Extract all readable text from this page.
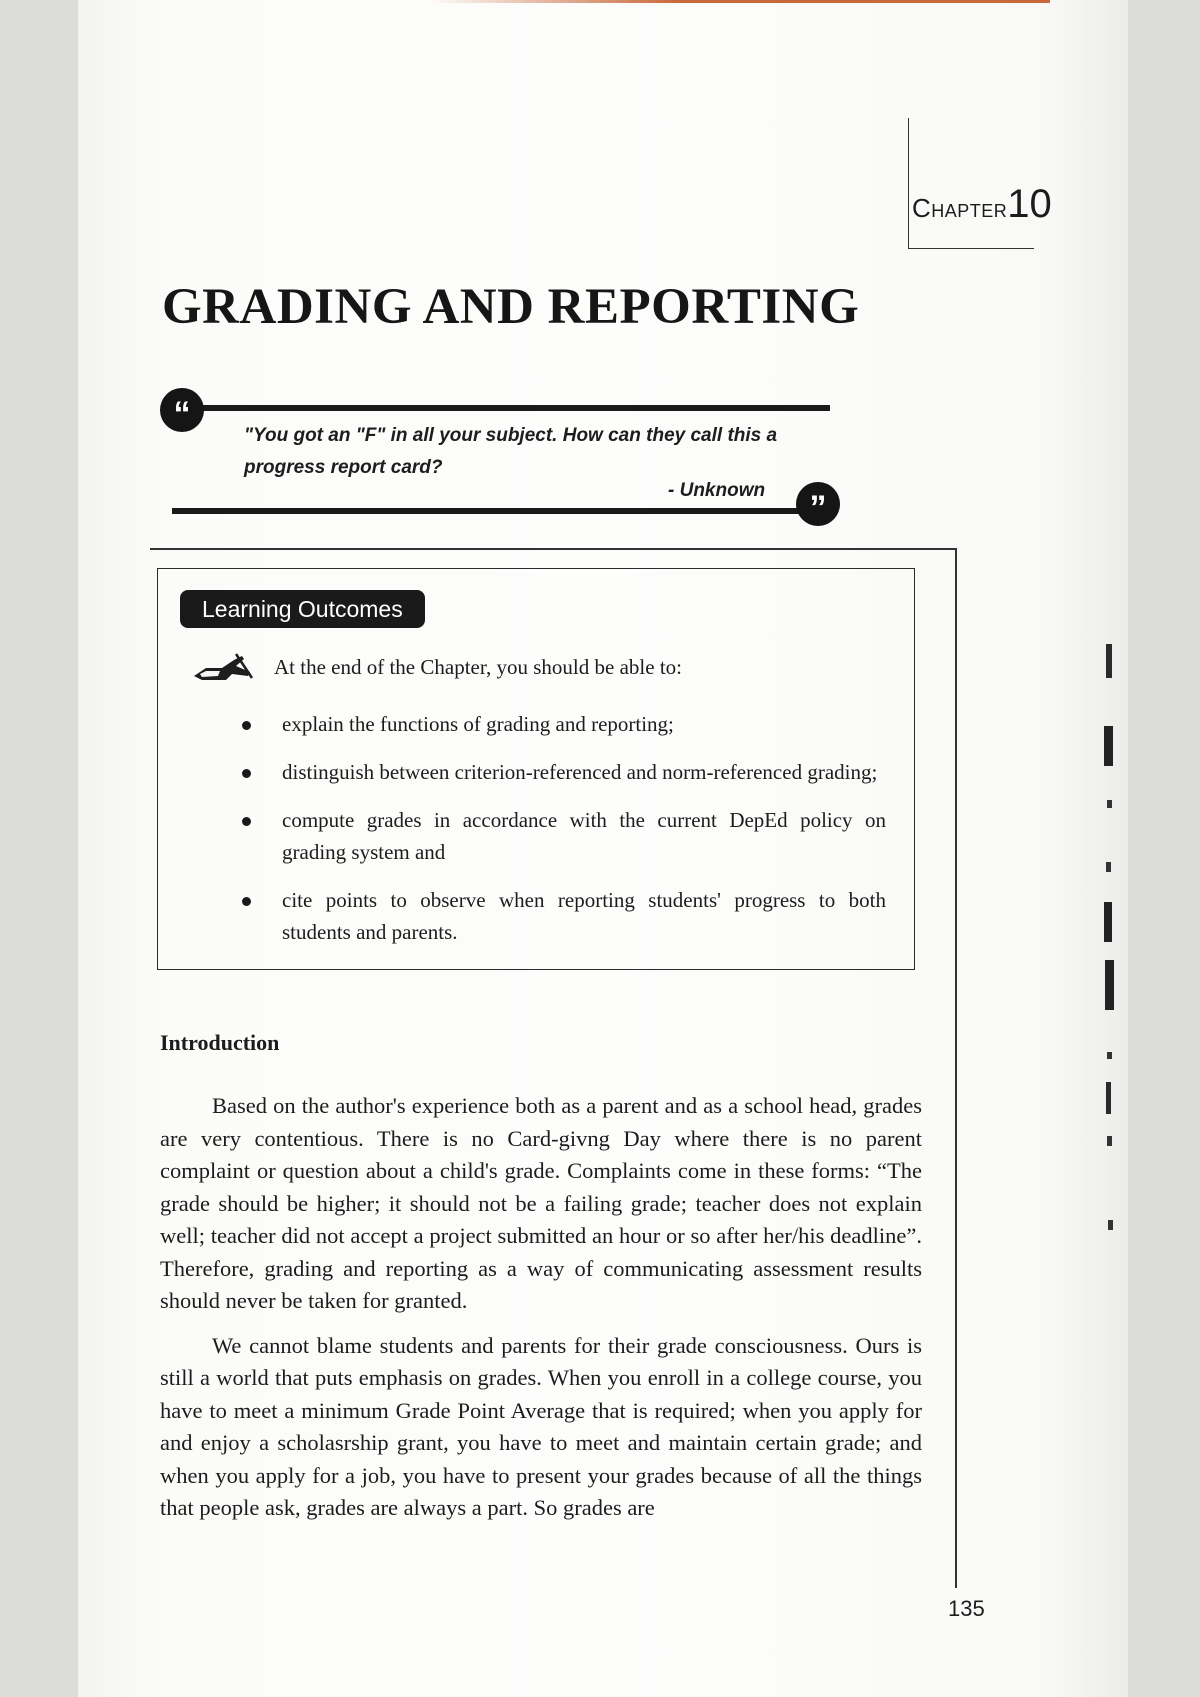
Chapter10
GRADING AND REPORTING
“
"You got an "F" in all your subject. How can they call this a progress report card?
- Unknown	”
Learning Outcomes
At the end of the Chapter, you should be able to:
explain the functions of grading and reporting;
distinguish between criterion-referenced and norm-referenced grading;
compute grades in accordance with the current DepEd policy on grading system and
cite points to observe when reporting students' progress to both students and parents.
Introduction

Based on the author's experience both as a parent and as a school head, grades are very contentious. There is no Card-givng Day where there is no parent complaint or question about a child's grade. Complaints come in these forms: “The grade should be higher; it should not be a failing grade; teacher does not explain well; teacher did not accept a project submitted an hour or so after her/his deadline”. Therefore, grading and reporting as a way of communicating assessment results should never be taken for granted.

We cannot blame students and parents for their grade consciousness. Ours is still a world that puts emphasis on grades. When you enroll in a college course, you have to meet a minimum Grade Point Average that is required; when you apply for and enjoy a scholasrship grant, you have to meet and maintain certain grade; and when you apply for a job, you have to present your grades because of all the things that people ask, grades are always a part. So grades are

135
